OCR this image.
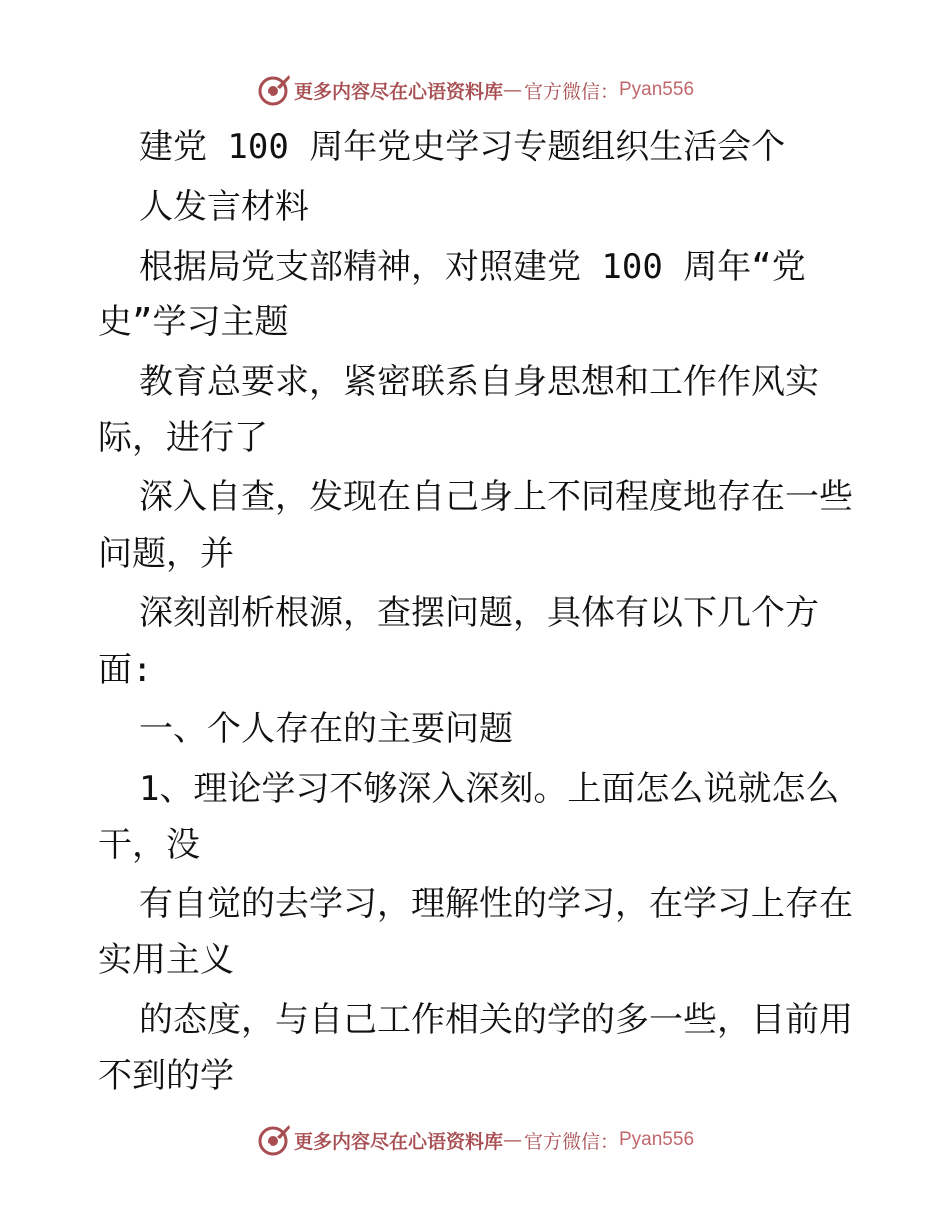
更多内容尽在心语资料库 — 官方微信： Pyan556
建党 100 周年党史学习专题组织生活会个
人发言材料
根据局党支部精神，对照建党 100 周年“党
史”学习主题
教育总要求，紧密联系自身思想和工作作风实
际，进行了
深入自查，发现在自己身上不同程度地存在一些
问题，并
深刻剖析根源，查摆问题，具体有以下几个方
面:
一、个人存在的主要问题
1、理论学习不够深入深刻。上面怎么说就怎么
干，没
有自觉的去学习，理解性的学习，在学习上存在
实用主义
的态度，与自己工作相关的学的多一些，目前用
不到的学
更多内容尽在心语资料库 — 官方微信： Pyan556
